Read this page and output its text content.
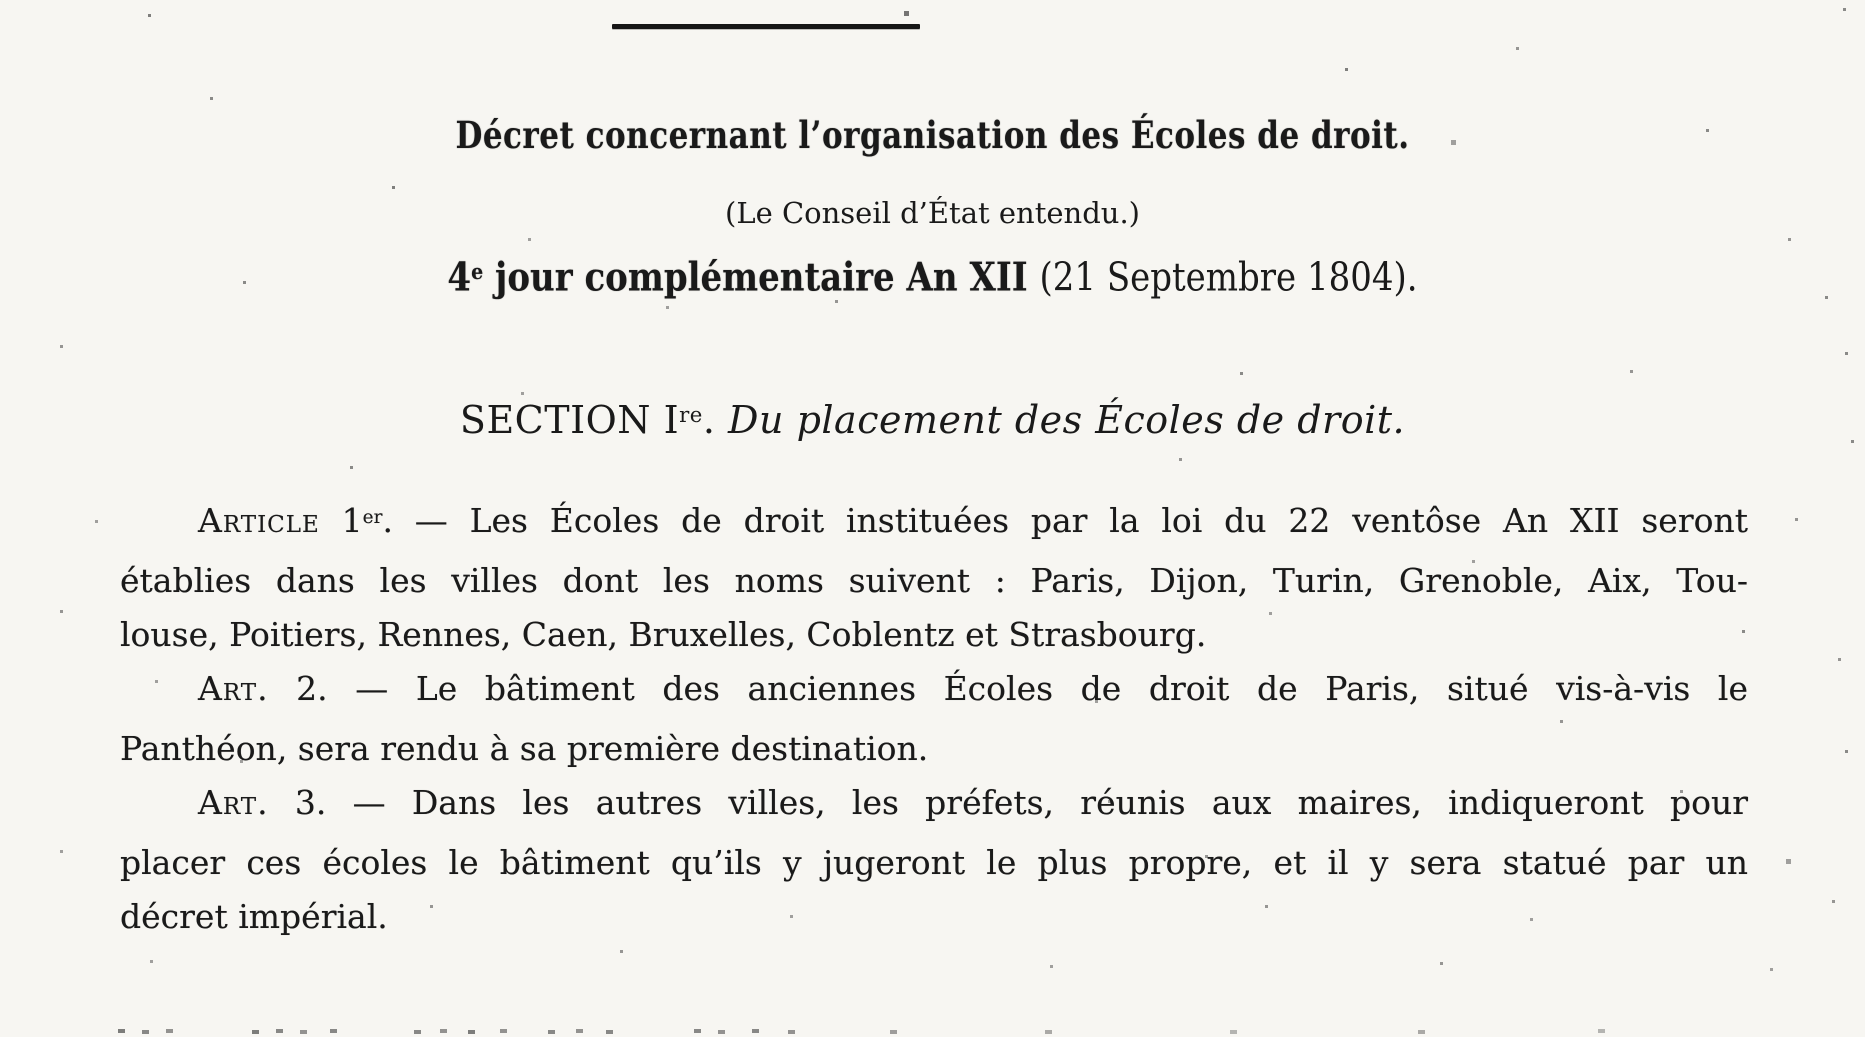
Décret concernant l’organisation des Écoles de droit.
(Le Conseil d’État entendu.)
4e jour complémentaire An XII (21 Septembre 1804).
SECTION Ire. Du placement des Écoles de droit.
Article 1er. — Les Écoles de droit instituées par la loi du 22 ventôse An XII seront
établies dans les villes dont les noms suivent : Paris, Dijon, Turin, Grenoble, Aix, Tou-
louse, Poitiers, Rennes, Caen, Bruxelles, Coblentz et Strasbourg.
Art. 2. — Le bâtiment des anciennes Écoles de droit de Paris, situé vis-à-vis le
Panthéon, sera rendu à sa première destination.
Art. 3. — Dans les autres villes, les préfets, réunis aux maires, indiqueront pour
placer ces écoles le bâtiment qu’ils y jugeront le plus propre, et il y sera statué par un
décret impérial.
